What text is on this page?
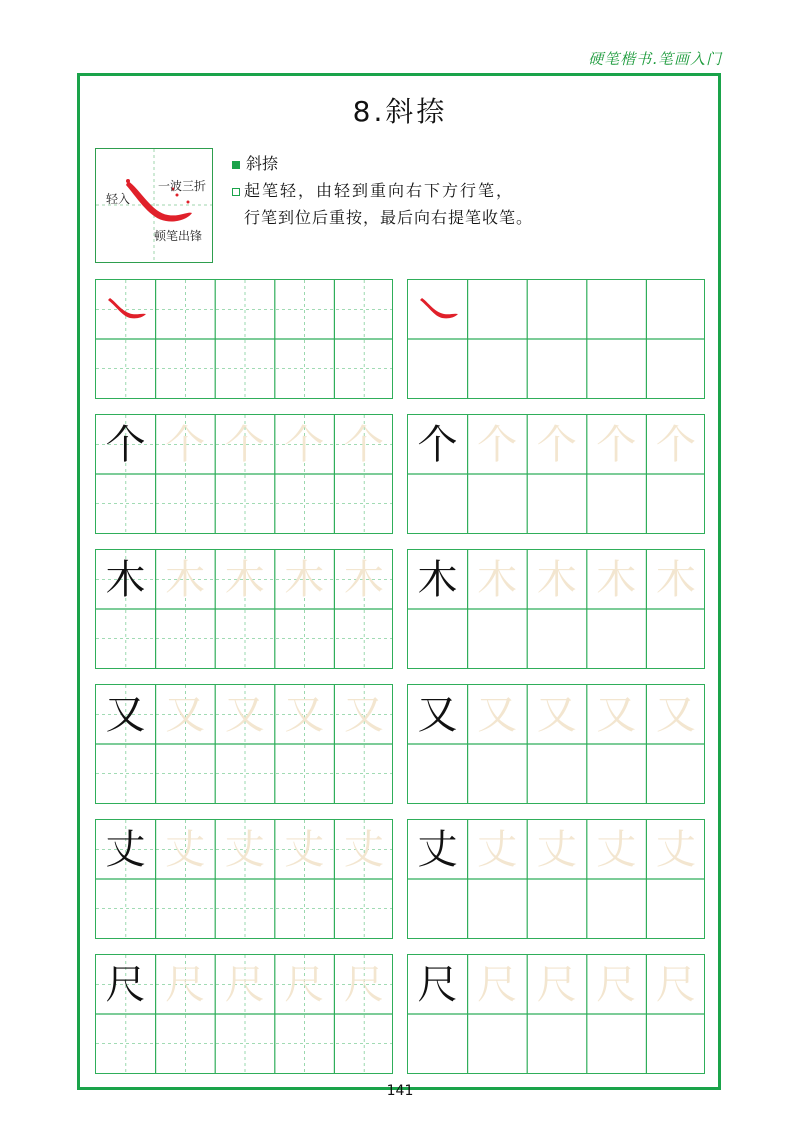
硬笔楷书.笔画入门
8.斜捺
轻入
一波三折
顿笔出锋
斜捺
起笔轻，由轻到重向右下方行笔，
行笔到位后重按，最后向右提笔收笔。
个 个 个 个 个 个 个 个 个 个
木 木 木 木 木 木 木 木 木 木
又 又 又 又 又 又 又 又 又 又
丈 丈 丈 丈 丈 丈 丈 丈 丈 丈
尺 尺 尺 尺 尺 尺 尺 尺 尺 尺
141
